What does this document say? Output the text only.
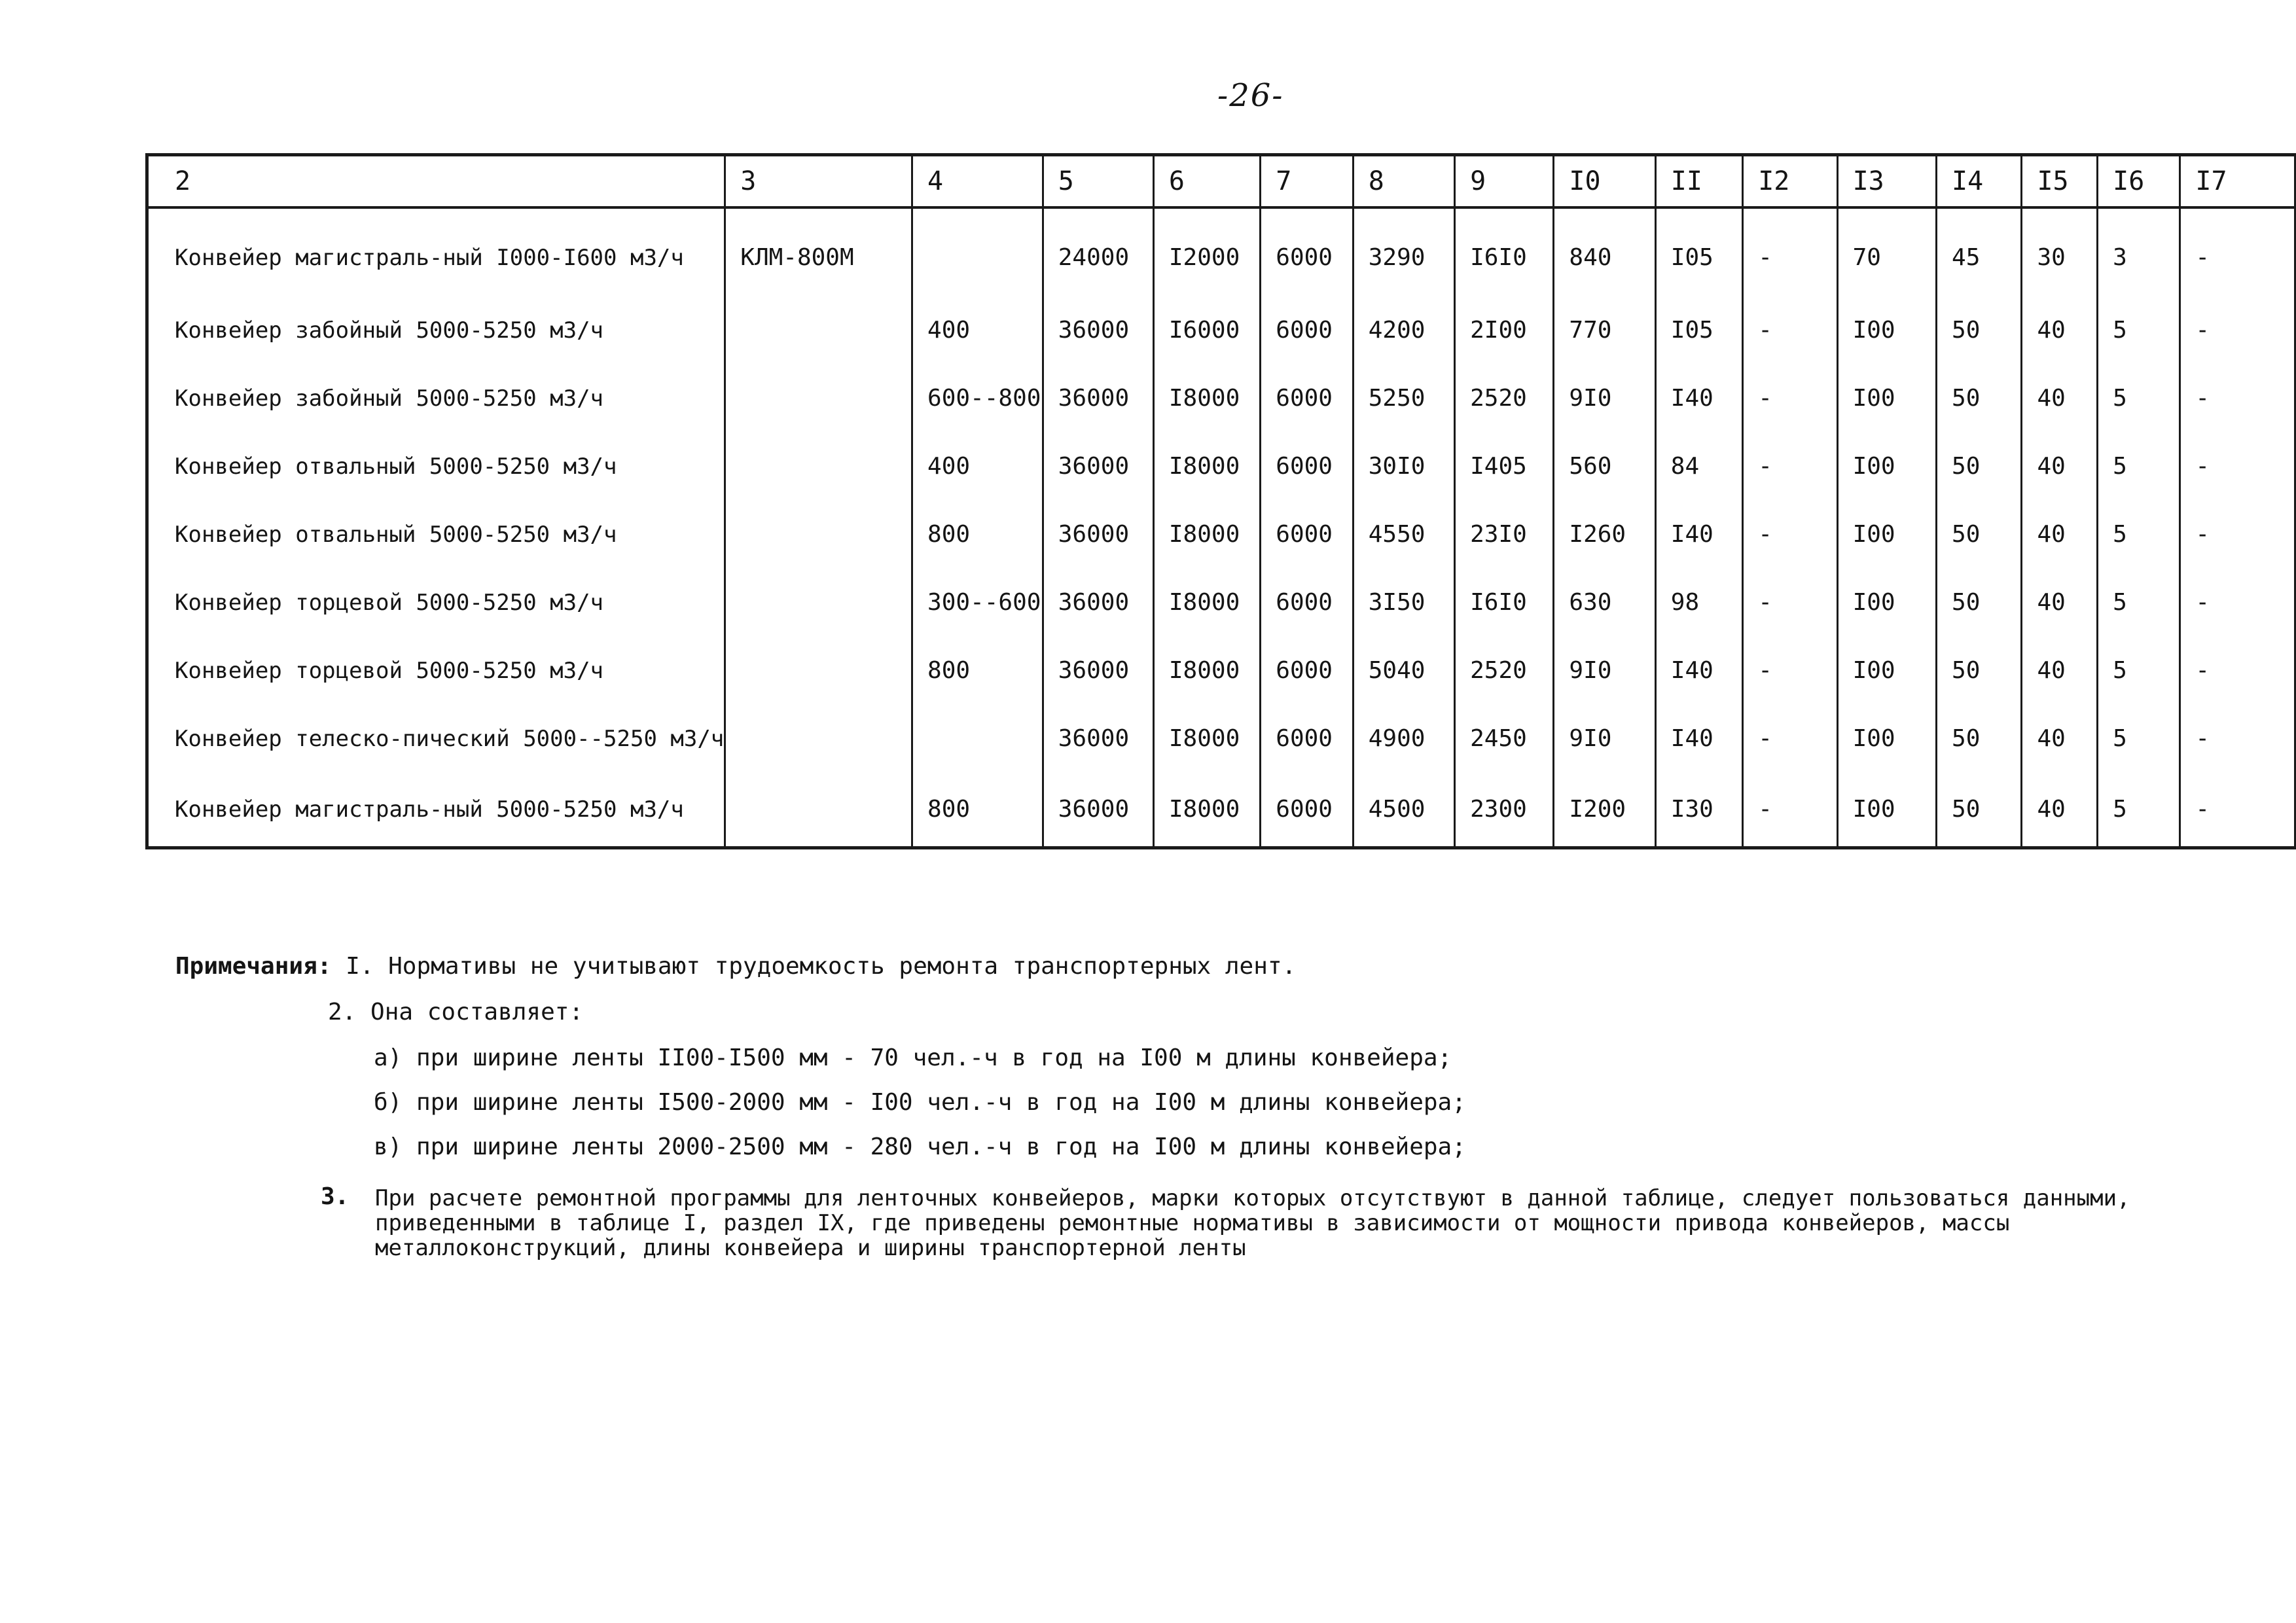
-26-
2	3	4	5	6	7	8	9	I0	II	I2	I3	I4	I5	I6	I7
Конвейер магистраль-ный I000-I600 м3/ч	КЛМ-800М		24000	I2000	6000	3290	I6I0	840	I05	-	70	45	30	3	-
Конвейер забойный 5000-5250 м3/ч		400	36000	I6000	6000	4200	2I00	770	I05	-	I00	50	40	5	-
Конвейер забойный 5000-5250 м3/ч		600--800	36000	I8000	6000	5250	2520	9I0	I40	-	I00	50	40	5	-
Конвейер отвальный 5000-5250 м3/ч		400	36000	I8000	6000	30I0	I405	560	84	-	I00	50	40	5	-
Конвейер отвальный 5000-5250 м3/ч		800	36000	I8000	6000	4550	23I0	I260	I40	-	I00	50	40	5	-
Конвейер торцевой 5000-5250 м3/ч		300--600	36000	I8000	6000	3I50	I6I0	630	98	-	I00	50	40	5	-
Конвейер торцевой 5000-5250 м3/ч		800	36000	I8000	6000	5040	2520	9I0	I40	-	I00	50	40	5	-
Конвейер телеско-пический 5000--5250 м3/ч			36000	I8000	6000	4900	2450	9I0	I40	-	I00	50	40	5	-
Конвейер магистраль-ный 5000-5250 м3/ч		800	36000	I8000	6000	4500	2300	I200	I30	-	I00	50	40	5	-
Примечания: I. Нормативы не учитывают трудоемкость ремонта транспортерных лент.
2. Она составляет:
а) при ширине ленты II00-I500 мм - 70 чел.-ч в год на I00 м длины конвейера;
б) при ширине ленты I500-2000 мм - I00 чел.-ч в год на I00 м длины конвейера;
в) при ширине ленты 2000-2500 мм - 280 чел.-ч в год на I00 м длины конвейера;
3. При расчете ремонтной программы для ленточных конвейеров, марки которых отсутствуют в данной таблице, следует пользоваться данными, приведенными в таблице I, раздел IX, где приведены ремонтные нормативы в зависимости от мощности привода конвейеров, массы металлоконструкций, длины конвейера и ширины транспортерной ленты
